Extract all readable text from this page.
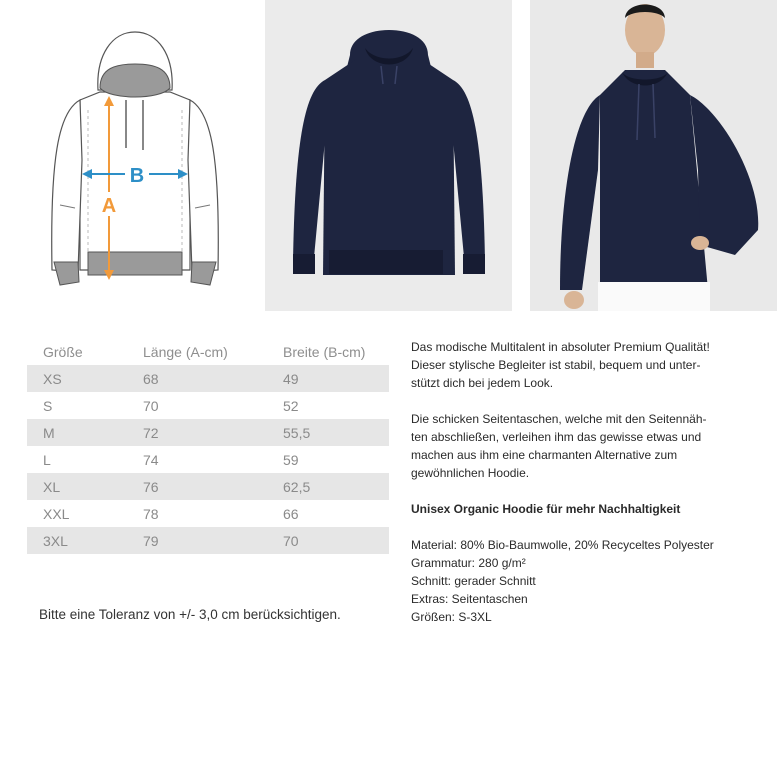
B
A
Größe	Länge (A-cm)	Breite (B-cm)
XS	68	49
S	70	52
M	72	55,5
L	74	59
XL	76	62,5
XXL	78	66
3XL	79	70
Bitte eine Toleranz von +/- 3,0 cm berücksichtigen.

Das modische Multitalent in absoluter Premium Qualität!

Dieser stylische Begleiter ist stabil, bequem und unter-

stützt dich bei jedem Look.

Die schicken Seitentaschen, welche mit den Seitennäh-

ten abschließen, verleihen ihm das gewisse etwas und

machen aus ihm eine charmanten Alternative zum

gewöhnlichen Hoodie.

Unisex Organic Hoodie für mehr Nachhaltigkeit

Material: 80% Bio-Baumwolle, 20% Recyceltes Polyester

Grammatur: 280 g/m²

Schnitt: gerader Schnitt

Extras: Seitentaschen

Größen: S-3XL
